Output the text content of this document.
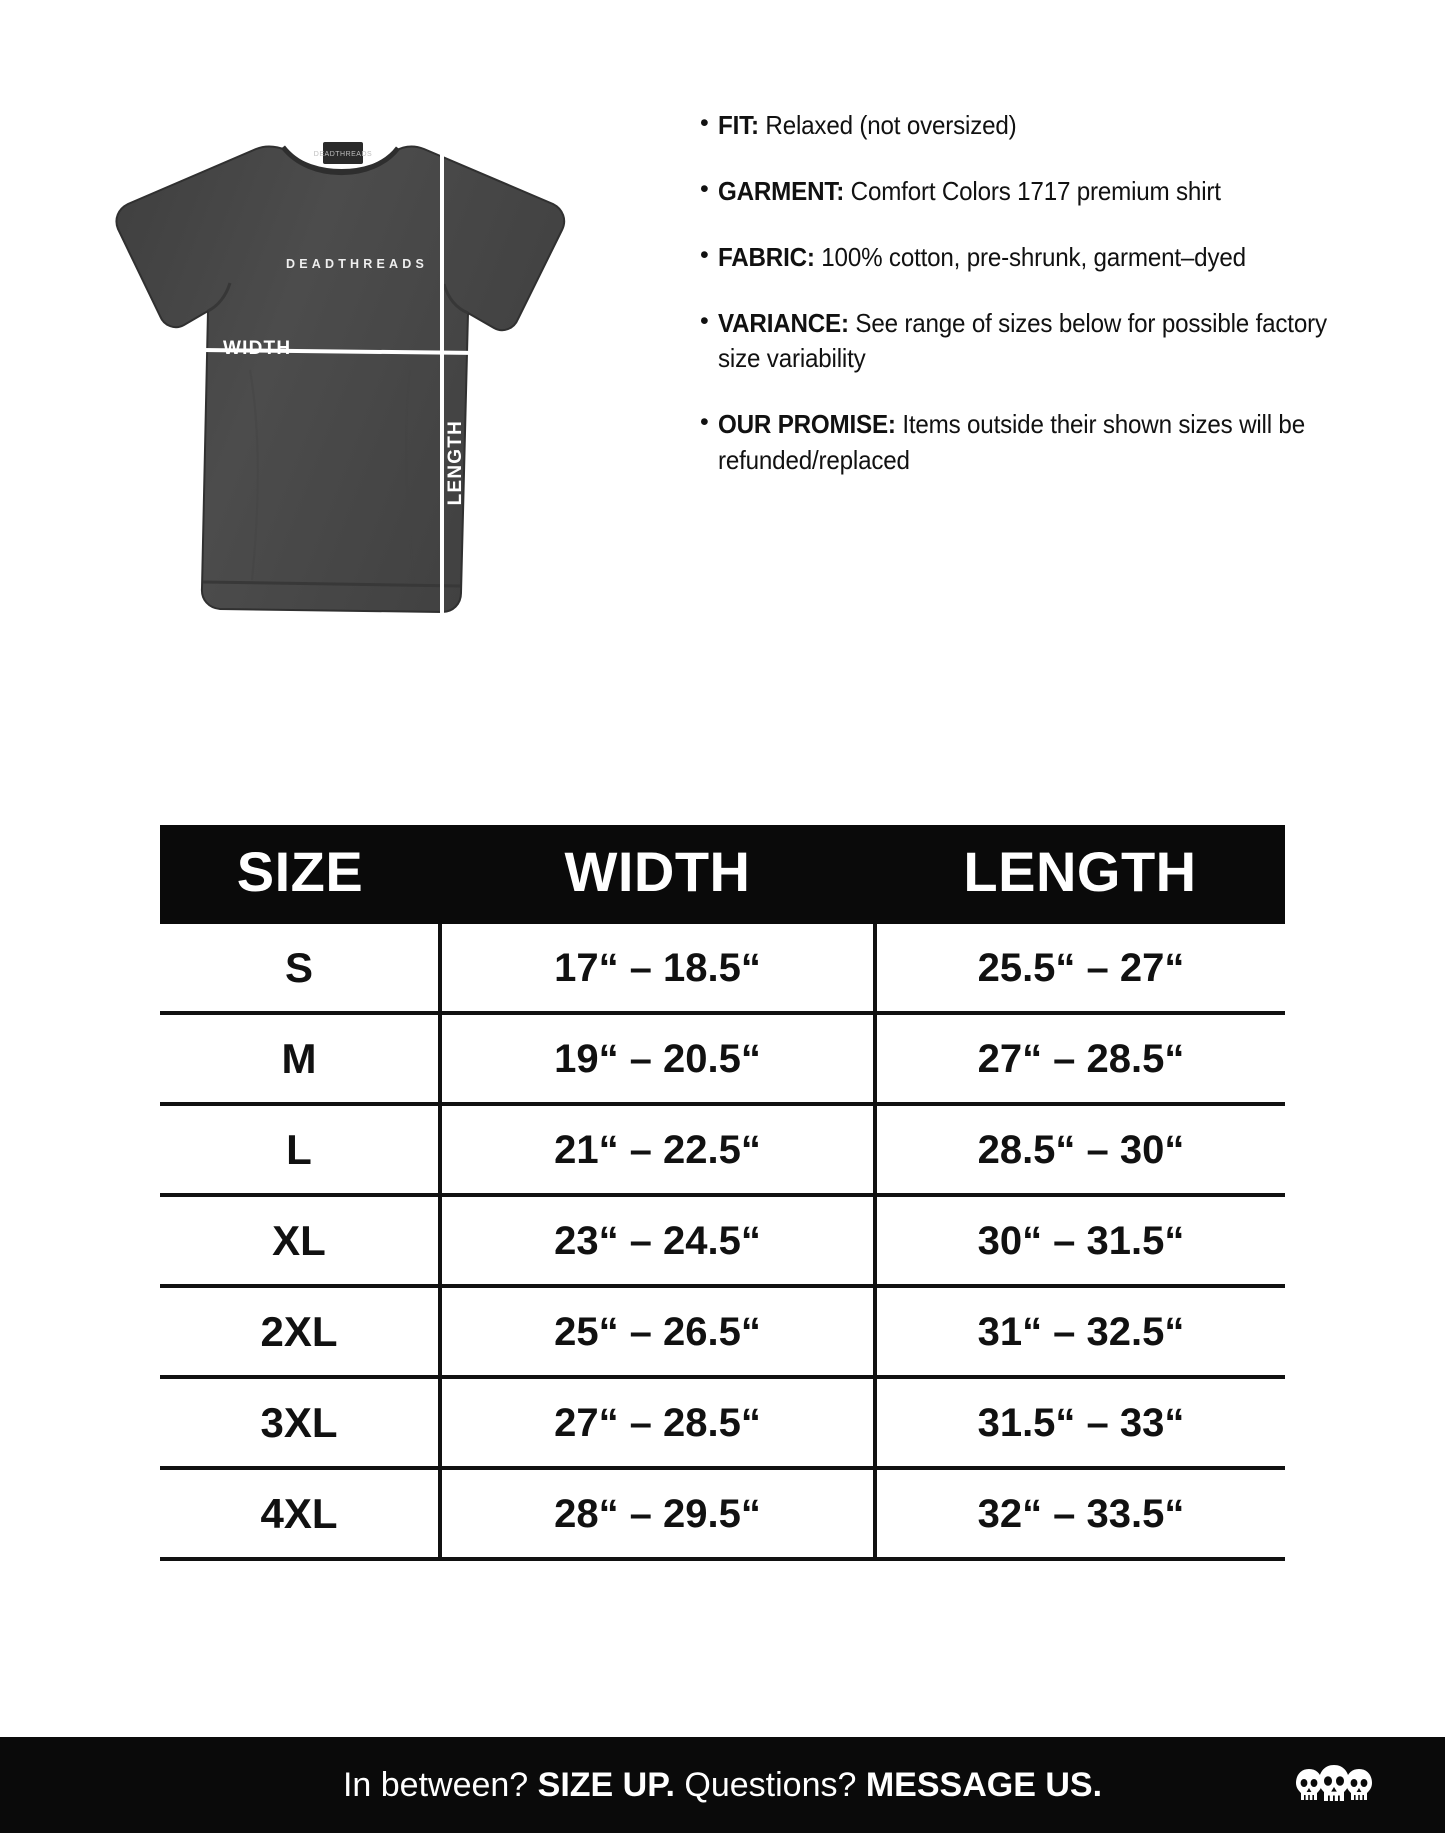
DEADTHREADS
DEADTHREADS
WIDTH
LENGTH
• FIT: Relaxed (not oversized)
• GARMENT: Comfort Colors 1717 premium shirt
• FABRIC: 100% cotton, pre-shrunk, garment–dyed
• VARIANCE: See range of sizes below for possible factory size variability
• OUR PROMISE: Items outside their shown sizes will be refunded/replaced
SIZE	WIDTH	LENGTH
S	17“ – 18.5“	25.5“ – 27“
M	19“ – 20.5“	27“ – 28.5“
L	21“ – 22.5“	28.5“ – 30“
XL	23“ – 24.5“	30“ – 31.5“
2XL	25“ – 26.5“	31“ – 32.5“
3XL	27“ – 28.5“	31.5“ – 33“
4XL	28“ – 29.5“	32“ – 33.5“
In between? SIZE UP. Questions? MESSAGE US.
